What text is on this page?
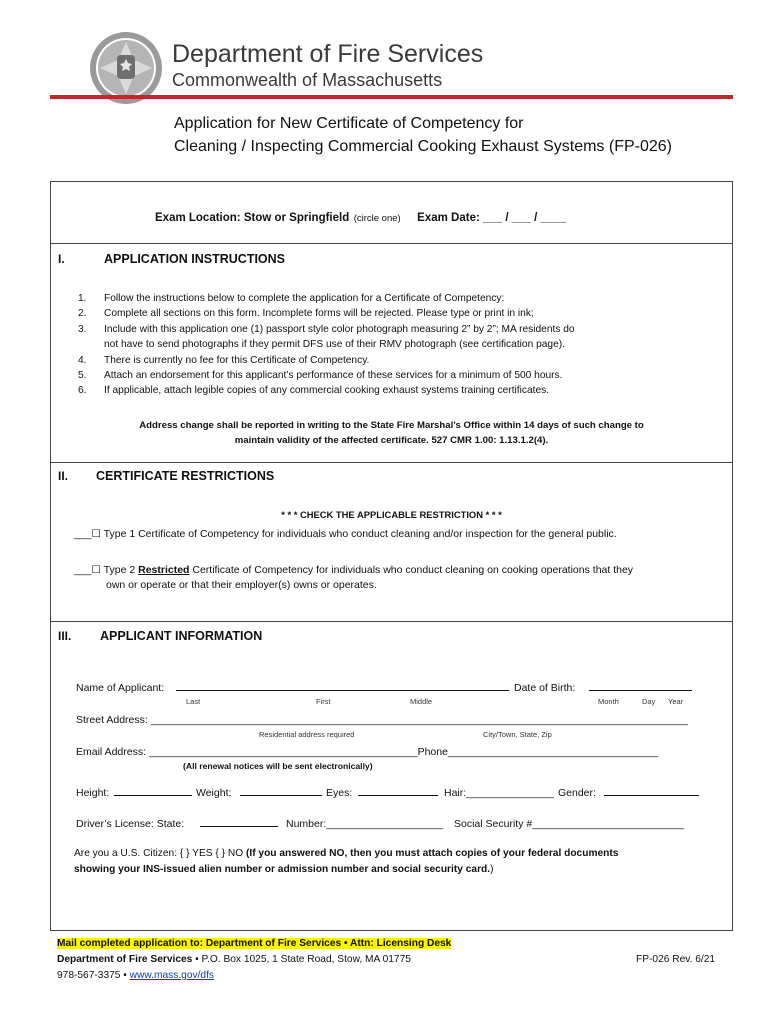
Department of Fire Services
Commonwealth of Massachusetts
Application for New Certificate of Competency for
Cleaning / Inspecting Commercial Cooking Exhaust Systems (FP-026)
Exam Location: Stow or Springfield (circle one) Exam Date: ___ / ___ / ____
I.	APPLICATION INSTRUCTIONS
1.	Follow the instructions below to complete the application for a Certificate of Competency:
2.	Complete all sections on this form. Incomplete forms will be rejected. Please type or print in ink;
3.	Include with this application one (1) passport style color photograph measuring 2” by 2”; MA residents do
not have to send photographs if they permit DFS use of their RMV photograph (see certification page).
4.	There is currently no fee for this Certificate of Competency.
5.	Attach an endorsement for this applicant’s performance of these services for a minimum of 500 hours.
6.	If applicable, attach legible copies of any commercial cooking exhaust systems training certificates.
Address change shall be reported in writing to the State Fire Marshal’s Office within 14 days of such change to
maintain validity of the affected certificate. 527 CMR 1.00: 1.13.1.2(4).
II. CERTIFICATE RESTRICTIONS
* * * CHECK THE APPLICABLE RESTRICTION * * *
___☐ Type 1 Certificate of Competency for individuals who conduct cleaning and/or inspection for the general public.
___☐ Type 2 Restricted Certificate of Competency for individuals who conduct cleaning on cooking operations that they
own or operate or that their employer(s) owns or operates.
III. APPLICANT INFORMATION
Name of Applicant:	Date of Birth:
Last	First	Middle	Month	Day Year
Street Address: ____________________________________________________________________________________________
Residential address required	City/Town, State, Zip
Email Address: ______________________________________________Phone____________________________________
(All renewal notices will be sent electronically)
Height:	Weight:	Eyes:	Hair:_______________ Gender:
Driver’s License: State:	Number:____________________ Social Security #__________________________
Are you a U.S. Citizen: { } YES { } NO (If you answered NO, then you must attach copies of your federal documents
showing your INS-issued alien number or admission number and social security card.)
Mail completed application to: Department of Fire Services • Attn: Licensing Desk
Department of Fire Services • P.O. Box 1025, 1 State Road, Stow, MA 01775
978-567-3375 • www.mass.gov/dfs
FP-026 Rev. 6/21
